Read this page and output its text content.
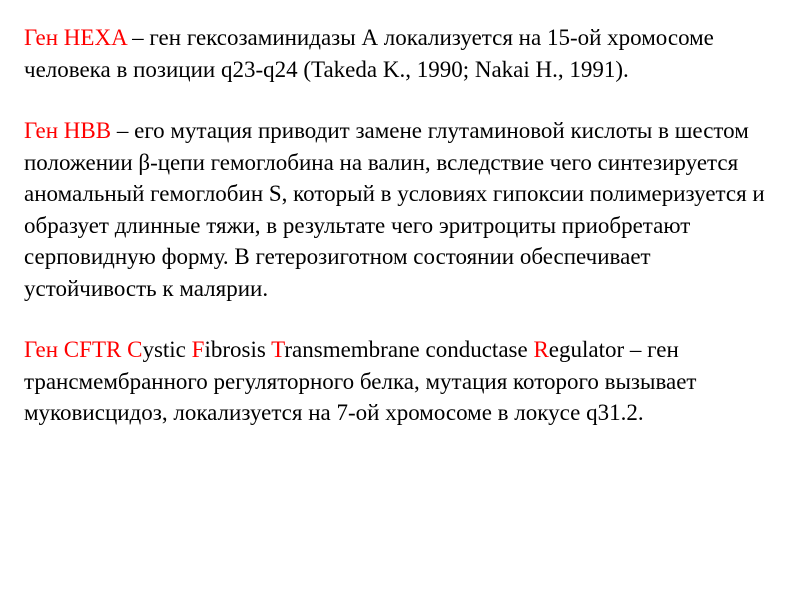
Ген HEXA – ген гексозаминидазы А локализуется на 15-ой хромосоме человека в позиции q23-q24 (Takeda K., 1990; Nakai H., 1991).

Ген HBB – его мутация приводит замене глутаминовой кислоты в шестом положении β-цепи гемоглобина на валин, вследствие чего синтезируется аномальный гемоглобин S, который в условиях гипоксии полимеризуется и образует длинные тяжи, в результате чего эритроциты приобретают серповидную форму. В гетерозиготном состоянии обеспечивает устойчивость к малярии.

Ген CFTR Cystic Fibrosis Transmembrane conductase Regulator – ген трансмембранного регуляторного белка, мутация которого вызывает муковисцидоз, локализуется на 7-ой хромосоме в локусе q31.2.
